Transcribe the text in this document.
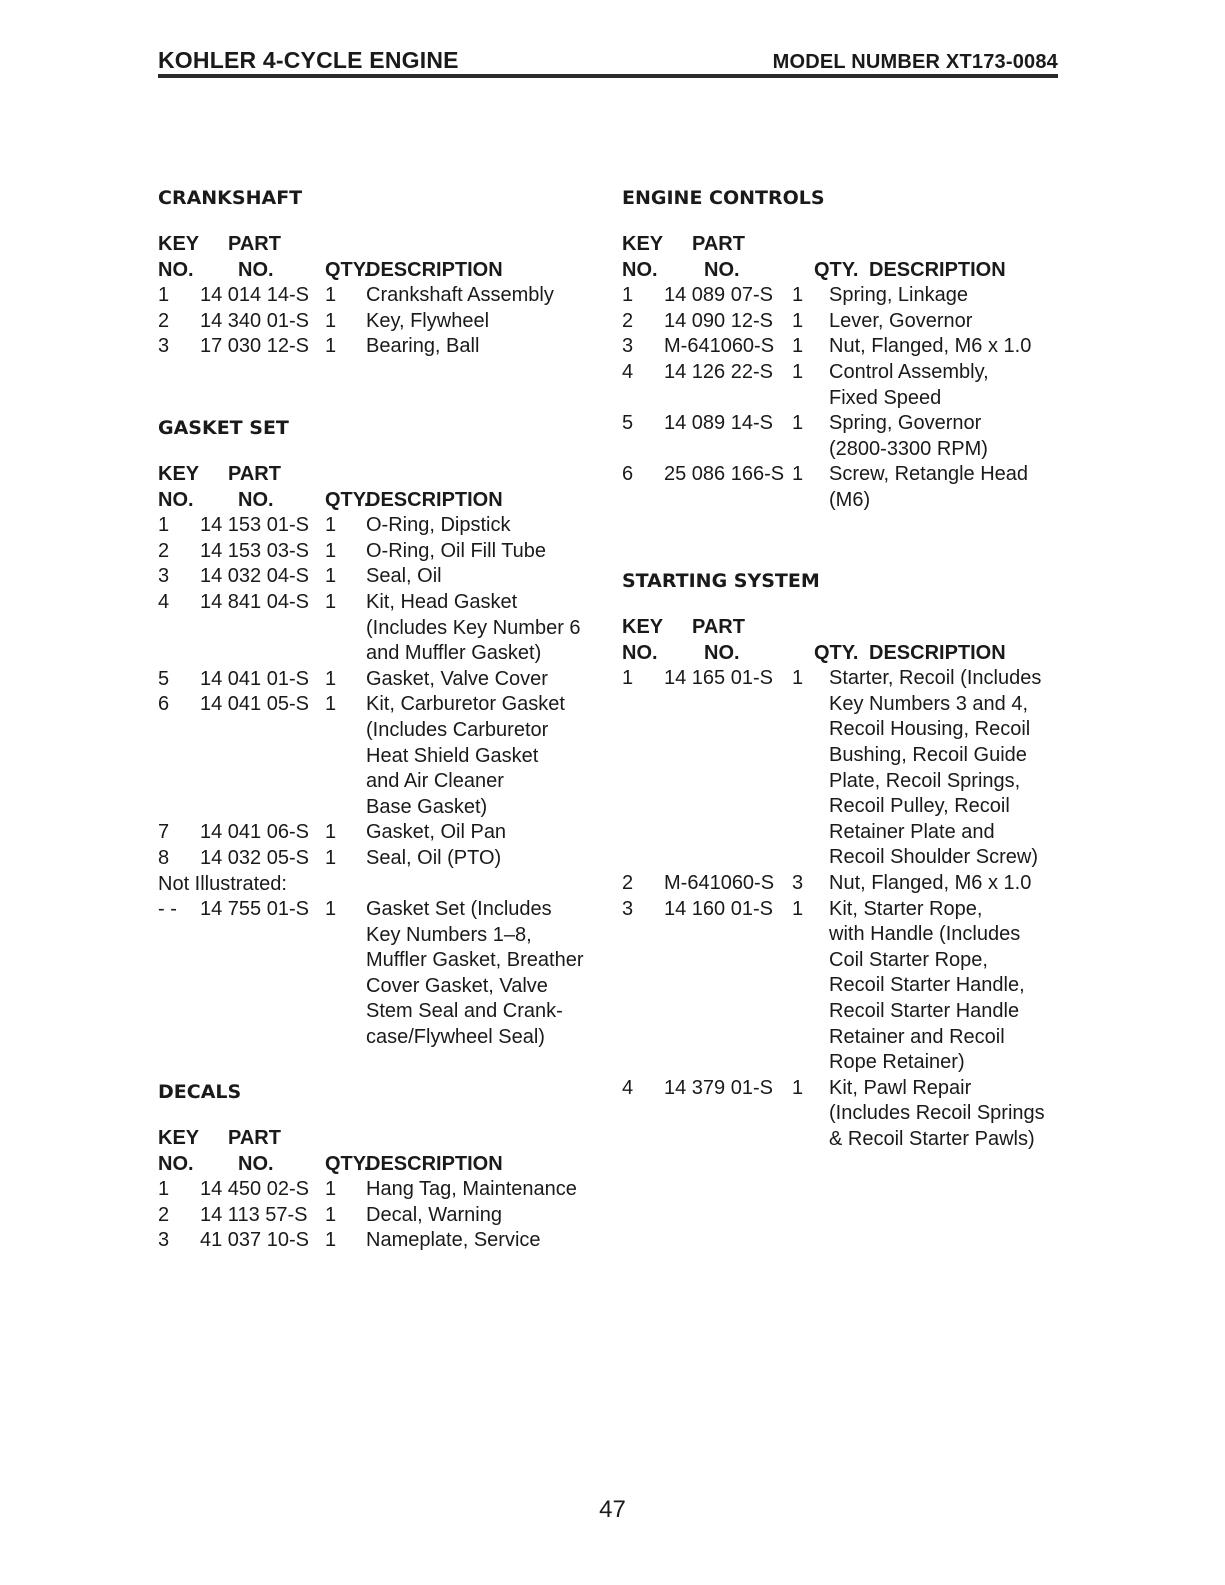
KOHLER 4-CYCLE ENGINE	MODEL NUMBER XT173-0084
CRANKSHAFT
KEY	PART
NO.	NO.	QTY.
DESCRIPTION
1	14 014 14-S 1	Crankshaft Assembly
2	14 340 01-S 1	Key, Flywheel
3	17 030 12-S 1	Bearing, Ball
GASKET SET
KEY	PART
NO.	NO.	QTY.
DESCRIPTION
1	14 153 01-S 1	O-Ring, Dipstick
2	14 153 03-S 1	O-Ring, Oil Fill Tube
3	14 032 04-S 1	Seal, Oil
4	14 841 04-S 1	Kit, Head Gasket
(Includes Key Number 6
and Muffler Gasket)
5	14 041 01-S 1	Gasket, Valve Cover
6	14 041 05-S 1	Kit, Carburetor Gasket
(Includes Carburetor
Heat Shield Gasket
and Air Cleaner
Base Gasket)
7	14 041 06-S 1	Gasket, Oil Pan
8	14 032 05-S 1	Seal, Oil (PTO)
Not Illustrated:
- -	14 755 01-S 1	Gasket Set (Includes
Key Numbers 1–8,
Muffler Gasket, Breather
Cover Gasket, Valve
Stem Seal and Crank-
case/Flywheel Seal)
DECALS
KEY	PART
NO.	NO.	QTY.
DESCRIPTION
1	14 450 02-S 1	Hang Tag, Maintenance
2	14 113 57-S 1	Decal, Warning
3	41 037 10-S 1	Nameplate, Service
ENGINE CONTROLS
KEY	PART
NO.	NO.	QTY. DESCRIPTION
1	14 089 07-S 1	Spring, Linkage
2	14 090 12-S 1	Lever, Governor
3	M-641060-S 1	Nut, Flanged, M6 x 1.0
4	14 126 22-S 1	Control Assembly,
Fixed Speed
5	14 089 14-S 1	Spring, Governor
(2800-3300 RPM)
6	25 086 166-S 1	Screw, Retangle Head
(M6)
STARTING SYSTEM
KEY	PART
NO.	NO.	QTY. DESCRIPTION
1	14 165 01-S 1	Starter, Recoil (Includes
Key Numbers 3 and 4,
Recoil Housing, Recoil
Bushing, Recoil Guide
Plate, Recoil Springs,
Recoil Pulley, Recoil
Retainer Plate and
Recoil Shoulder Screw)
2	M-641060-S 3	Nut, Flanged, M6 x 1.0
3	14 160 01-S 1	Kit, Starter Rope,
with Handle (Includes
Coil Starter Rope,
Recoil Starter Handle,
Recoil Starter Handle
Retainer and Recoil
Rope Retainer)
4	14 379 01-S 1	Kit, Pawl Repair
(Includes Recoil Springs
& Recoil Starter Pawls)
47
